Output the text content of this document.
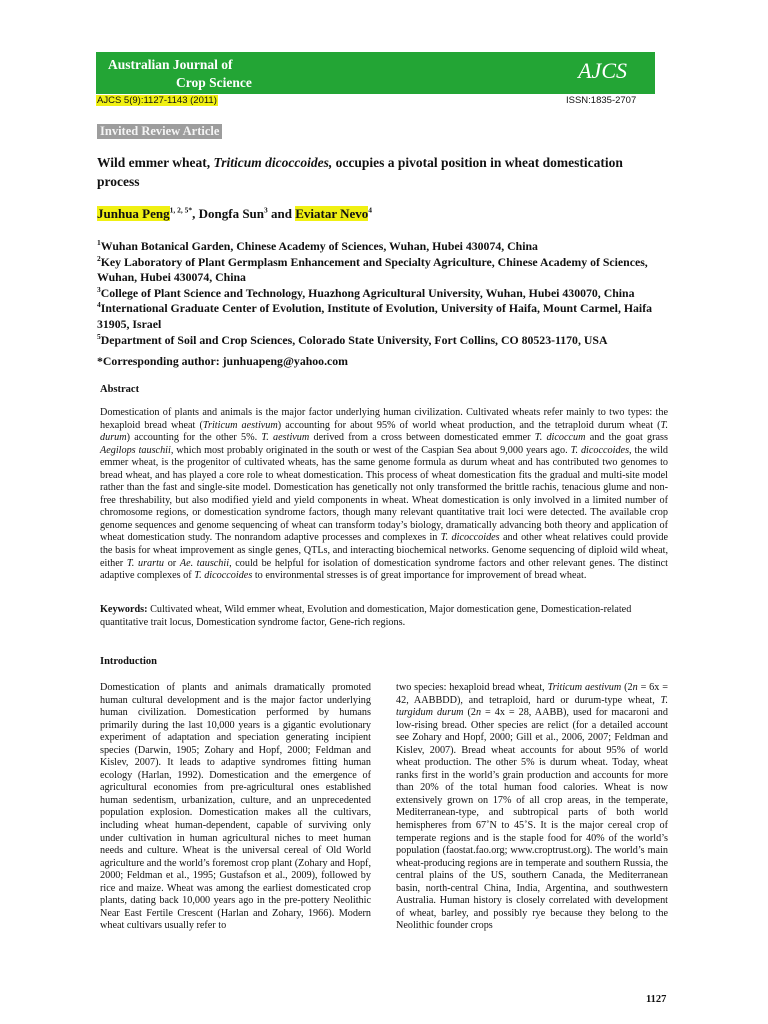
Australian Journal of
Crop Science	AJCS
AJCS 5(9):1127-1143 (2011)	ISSN:1835-2707
Invited Review Article
Wild emmer wheat, Triticum dicoccoides, occupies a pivotal position in wheat domestication process
Junhua Peng$^{1, 2, 5*}$, Dongfa Sun$^3$ and Eviatar Nevo$^4$
$^1$Wuhan Botanical Garden, Chinese Academy of Sciences, Wuhan, Hubei 430074, China
$^2$Key Laboratory of Plant Germplasm Enhancement and Specialty Agriculture, Chinese Academy of Sciences, Wuhan, Hubei 430074, China
$^3$College of Plant Science and Technology, Huazhong Agricultural University, Wuhan, Hubei 430070, China
$^4$International Graduate Center of Evolution, Institute of Evolution, University of Haifa, Mount Carmel, Haifa 31905, Israel
$^5$Department of Soil and Crop Sciences, Colorado State University, Fort Collins, CO 80523-1170, USA
*Corresponding author: junhuapeng@yahoo.com
Abstract
Domestication of plants and animals is the major factor underlying human civilization. Cultivated wheats refer mainly to two types: the hexaploid bread wheat (Triticum aestivum) accounting for about 95% of world wheat production, and the tetraploid durum wheat (T. durum) accounting for the other 5%. T. aestivum derived from a cross between domesticated emmer T. dicoccum and the goat grass Aegilops tauschii, which most probably originated in the south or west of the Caspian Sea about 9,000 years ago. T. dicoccoides, the wild emmer wheat, is the progenitor of cultivated wheats, has the same genome formula as durum wheat and has contributed two genomes to bread wheat, and has played a core role to wheat domestication. This process of wheat domestication fits the gradual and multi-site model rather than the fast and single-site model. Domestication has genetically not only transformed the brittle rachis, tenacious glume and non-free threshability, but also modified yield and yield components in wheat. Wheat domestication is only involved in a limited number of chromosome regions, or domestication syndrome factors, though many relevant quantitative trait loci were detected. The available crop genome sequences and genome sequencing of wheat can transform today’s biology, dramatically advancing both theory and application of wheat domestication study. The nonrandom adaptive processes and complexes in T. dicoccoides and other wheat relatives could provide the basis for wheat improvement as single genes, QTLs, and interacting biochemical networks. Genome sequencing of diploid wild wheat, either T. urartu or Ae. tauschii, could be helpful for isolation of domestication syndrome factors and other relevant genes. The distinct adaptive complexes of T. dicoccoides to environmental stresses is of great importance for improvement of bread wheat.
Keywords: Cultivated wheat, Wild emmer wheat, Evolution and domestication, Major domestication gene, Domestication-related quantitative trait locus, Domestication syndrome factor, Gene-rich regions.
Introduction
Domestication of plants and animals dramatically promoted human cultural development and is the major factor underlying human civilization. Domestication performed by humans primarily during the last 10,000 years is a gigantic evolutionary experiment of adaptation and speciation generating incipient species (Darwin, 1905; Zohary and Hopf, 2000; Feldman and Kislev, 2007). It leads to adaptive syndromes fitting human ecology (Harlan, 1992). Domestication and the emergence of agricultural economies from pre-agricultural ones established human sedentism, urbanization, culture, and an unprecedented population explosion. Domestication makes all the cultivars, including wheat human-dependent, capable of surviving only under cultivation in human agricultural niches to meet human needs and culture. Wheat is the universal cereal of Old World agriculture and the world’s foremost crop plant (Zohary and Hopf, 2000; Feldman et al., 1995; Gustafson et al., 2009), followed by rice and maize. Wheat was among the earliest domesticated crop plants, dating back 10,000 years ago in the pre-pottery Neolithic Near East Fertile Crescent (Harlan and Zohary, 1966). Modern wheat cultivars usually refer to
two species: hexaploid bread wheat, Triticum aestivum (2n = 6x = 42, AABBDD), and tetraploid, hard or durum-type wheat, T. turgidum durum (2n = 4x = 28, AABB), used for macaroni and low-rising bread. Other species are relict (for a detailed account see Zohary and Hopf, 2000; Gill et al., 2006, 2007; Feldman and Kislev, 2007). Bread wheat accounts for about 95% of world wheat production. The other 5% is durum wheat. Today, wheat ranks first in the world’s grain production and accounts for more than 20% of the total human food calories. Wheat is now extensively grown on 17% of all crop areas, in the temperate, Mediterranean-type, and subtropical parts of both world hemispheres from 67˚N to 45˚S. It is the major cereal crop of temperate regions and is the staple food for 40% of the world’s population (faostat.fao.org; www.croptrust.org). The world’s main wheat-producing regions are in temperate and southern Russia, the central plains of the US, southern Canada, the Mediterranean basin, north-central China, India, Argentina, and southwestern Australia. Human history is closely correlated with development of wheat, barley, and possibly rye because they belong to the Neolithic founder crops
1127
